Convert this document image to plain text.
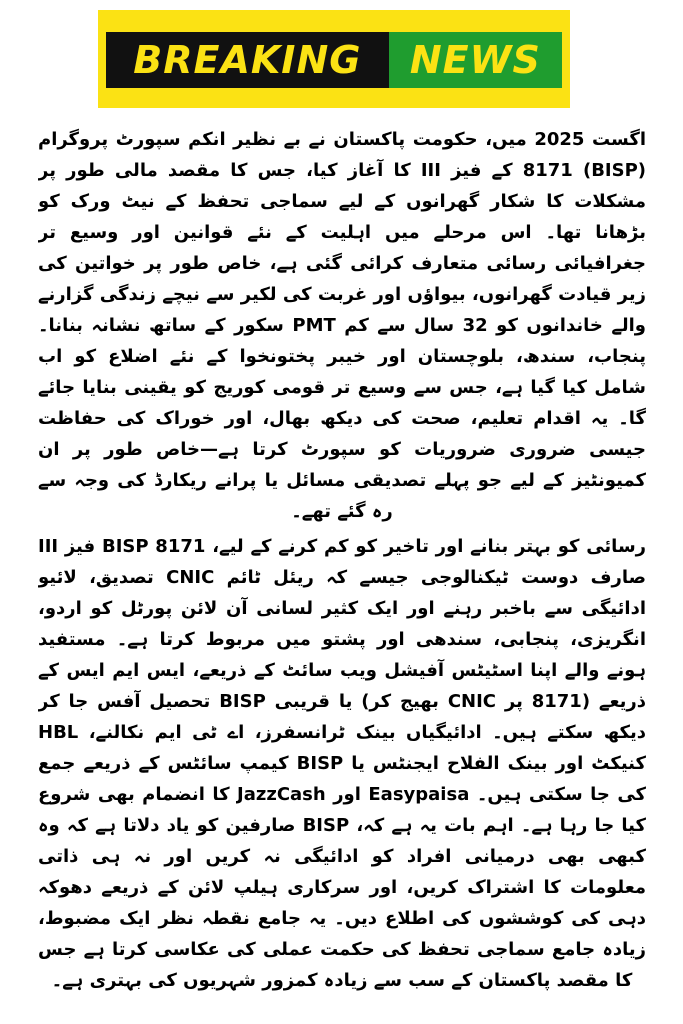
BREAKING NEWS

اگست 2025 میں، حکومت پاکستان نے بے نظیر انکم سپورٹ پروگرام (BISP) 8171 کے فیز III کا آغاز کیا، جس کا مقصد مالی طور پر مشکلات کا شکار گھرانوں کے لیے سماجی تحفظ کے نیٹ ورک کو بڑھانا تھا۔ اس مرحلے میں اہلیت کے نئے قوانین اور وسیع تر جغرافیائی رسائی متعارف کرائی گئی ہے، خاص طور پر خواتین کی زیر قیادت گھرانوں، بیواؤں اور غربت کی لکیر سے نیچے زندگی گزارنے والے خاندانوں کو 32 سال سے کم PMT سکور کے ساتھ نشانہ بنانا۔ پنجاب، سندھ، بلوچستان اور خیبر پختونخوا کے نئے اضلاع کو اب شامل کیا گیا ہے، جس سے وسیع تر قومی کوریج کو یقینی بنایا جائے گا۔ یہ اقدام تعلیم، صحت کی دیکھ بھال، اور خوراک کی حفاظت جیسی ضروری ضروریات کو سپورٹ کرتا ہے—خاص طور پر ان کمیونٹیز کے لیے جو پہلے تصدیقی مسائل یا پرانے ریکارڈ کی وجہ سے رہ گئے تھے۔

رسائی کو بہتر بنانے اور تاخیر کو کم کرنے کے لیے، BISP 8171 فیز III صارف دوست ٹیکنالوجی جیسے کہ ریئل ٹائم CNIC تصدیق، لائیو ادائیگی سے باخبر رہنے اور ایک کثیر لسانی آن لائن پورٹل کو اردو، انگریزی، پنجابی، سندھی اور پشتو میں مربوط کرتا ہے۔ مستفید ہونے والے اپنا اسٹیٹس آفیشل ویب سائٹ کے ذریعے، ایس ایم ایس کے ذریعے (8171 پر CNIC بھیج کر) یا قریبی BISP تحصیل آفس جا کر دیکھ سکتے ہیں۔ ادائیگیاں بینک ٹرانسفرز، اے ٹی ایم نکالنے، HBL کنیکٹ اور بینک الفلاح ایجنٹس یا BISP کیمپ سائٹس کے ذریعے جمع کی جا سکتی ہیں۔ Easypaisa اور JazzCash کا انضمام بھی شروع کیا جا رہا ہے۔ اہم بات یہ ہے کہ، BISP صارفین کو یاد دلاتا ہے کہ وہ کبھی بھی درمیانی افراد کو ادائیگی نہ کریں اور نہ ہی ذاتی معلومات کا اشتراک کریں، اور سرکاری ہیلپ لائن کے ذریعے دھوکہ دہی کی کوششوں کی اطلاع دیں۔ یہ جامع نقطہ نظر ایک مضبوط، زیادہ جامع سماجی تحفظ کی حکمت عملی کی عکاسی کرتا ہے جس کا مقصد پاکستان کے سب سے زیادہ کمزور شہریوں کی بہتری ہے۔
